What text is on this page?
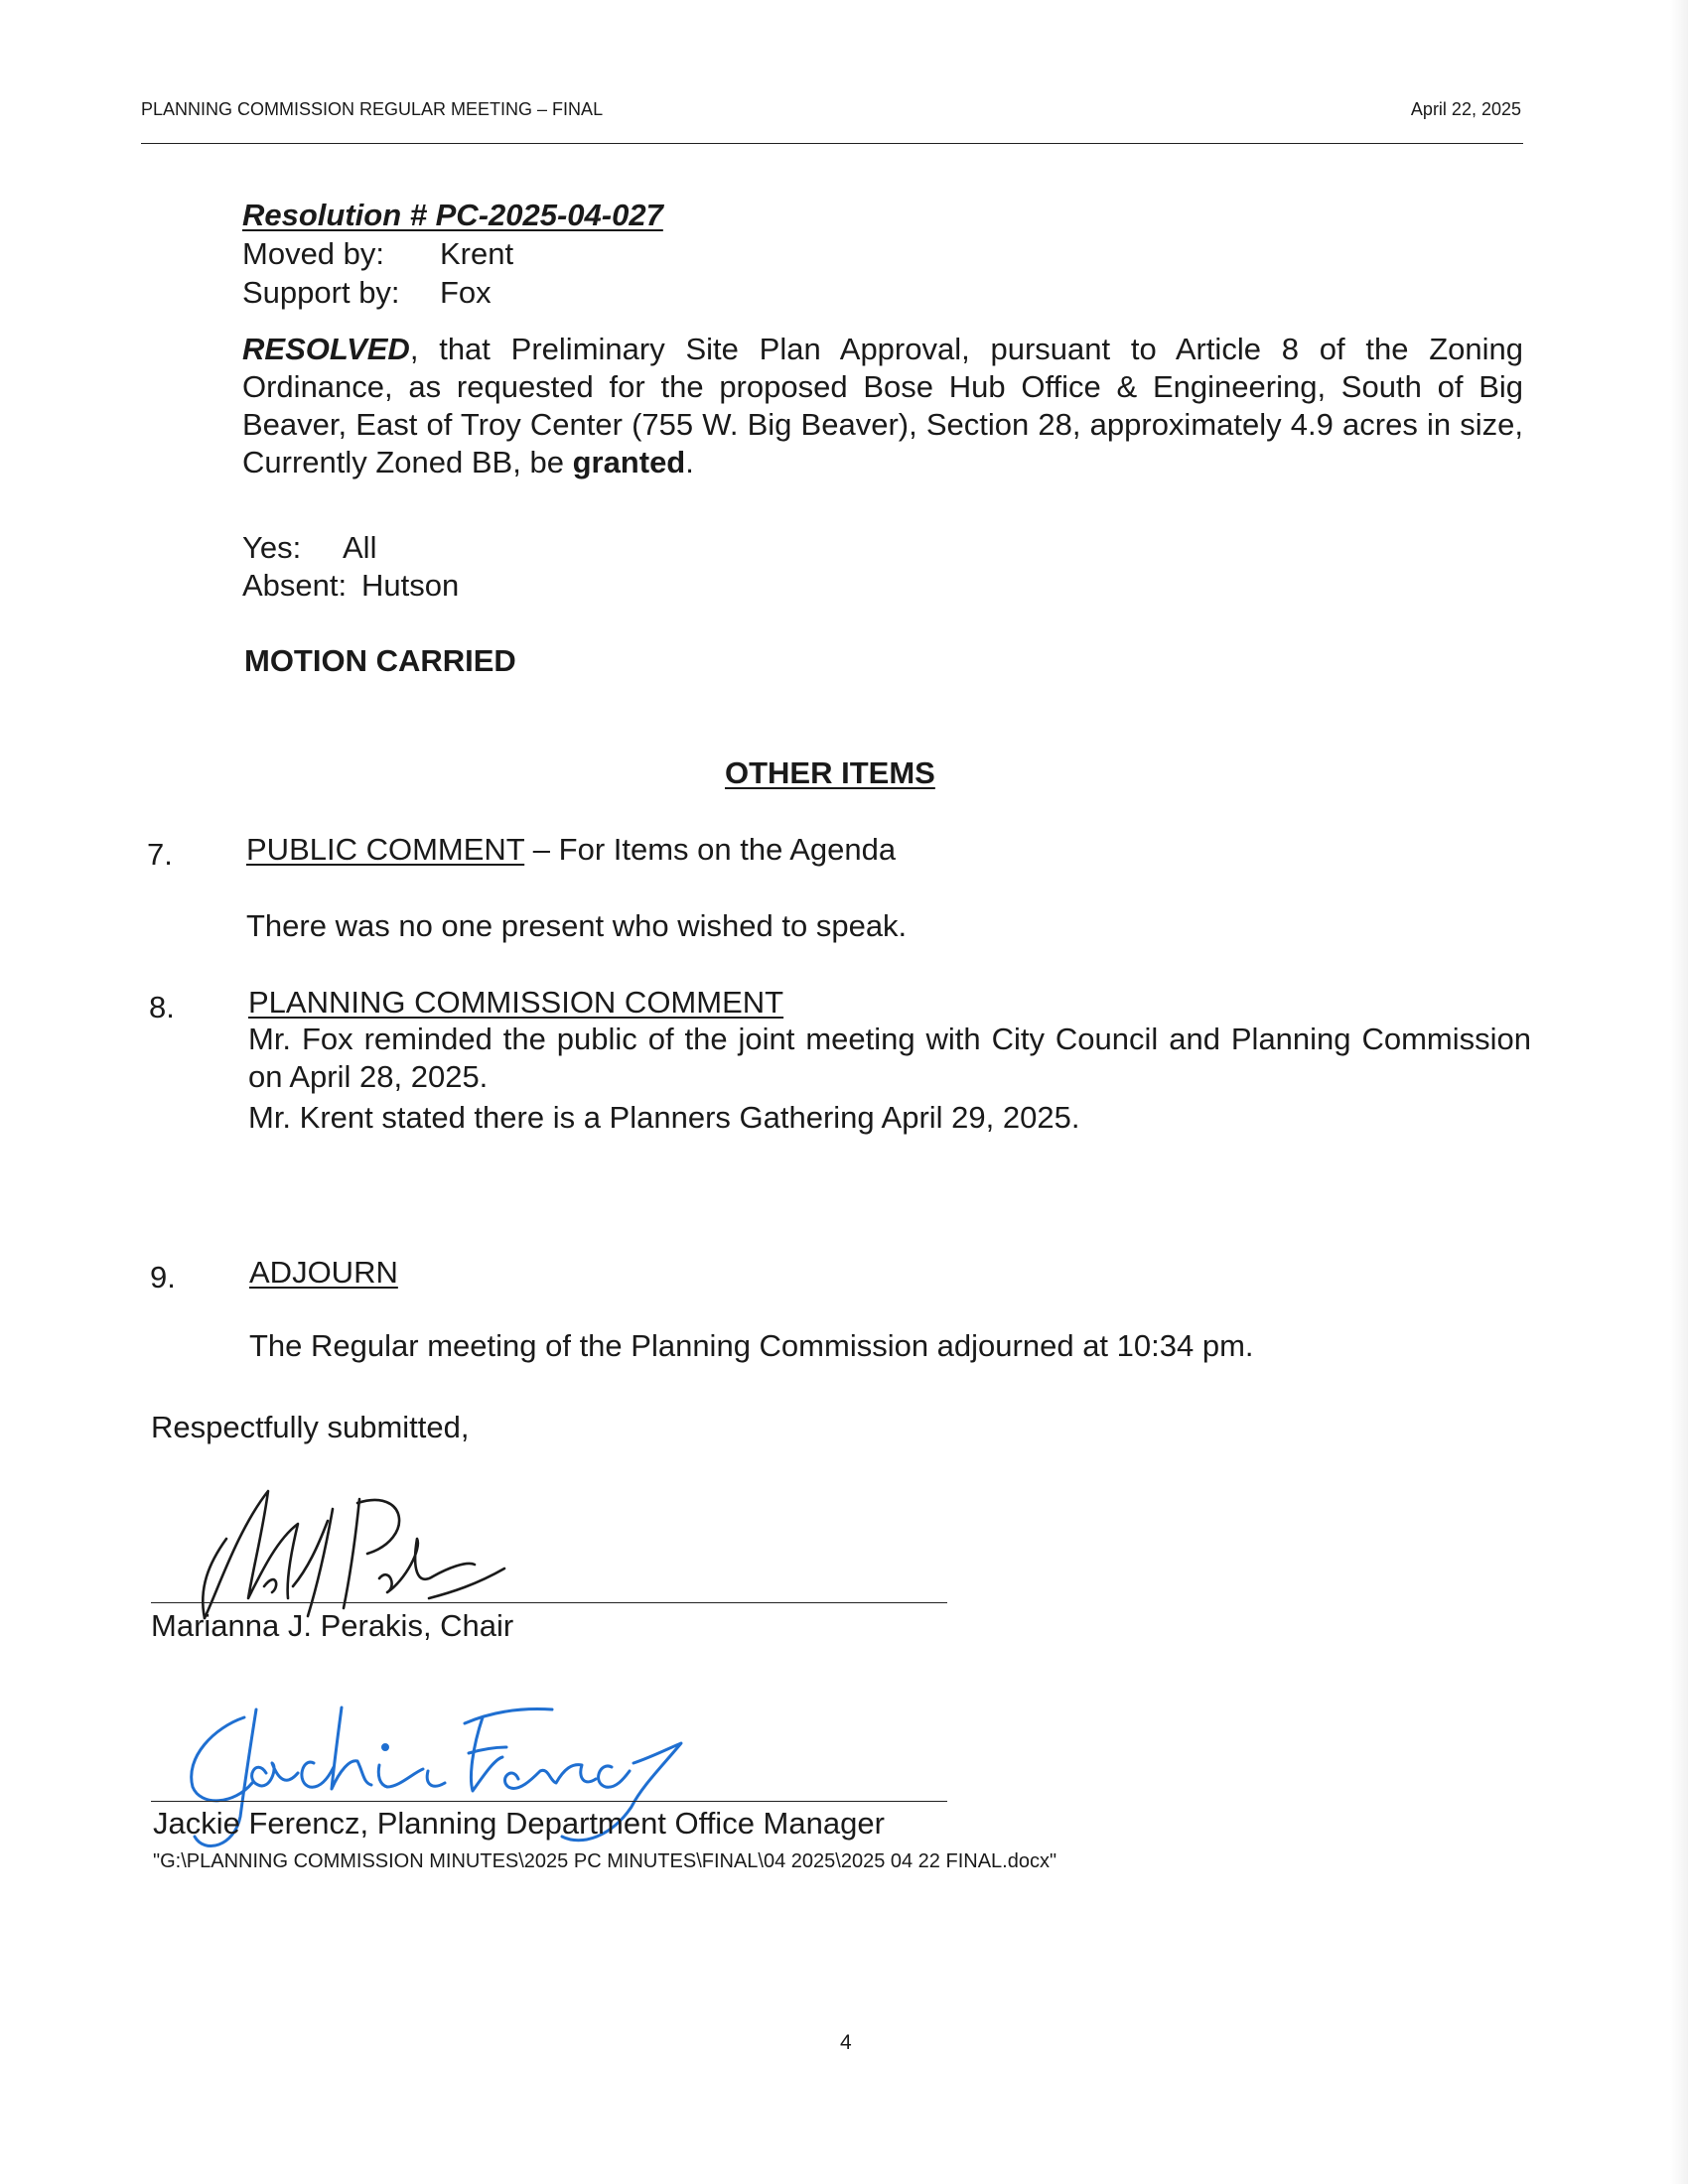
PLANNING COMMISSION REGULAR MEETING – FINAL	April 22, 2025
Resolution # PC-2025-04-027
Moved by: Krent
Support by: Fox
RESOLVED, that Preliminary Site Plan Approval, pursuant to Article 8 of the Zoning Ordinance, as requested for the proposed Bose Hub Office & Engineering, South of Big Beaver, East of Troy Center (755 W. Big Beaver), Section 28, approximately 4.9 acres in size, Currently Zoned BB, be granted.
Yes: All
Absent: Hutson
MOTION CARRIED
OTHER ITEMS
7. PUBLIC COMMENT – For Items on the Agenda
There was no one present who wished to speak.
8. PLANNING COMMISSION COMMENT
Mr. Fox reminded the public of the joint meeting with City Council and Planning Commission on April 28, 2025.
Mr. Krent stated there is a Planners Gathering April 29, 2025.
9. ADJOURN
The Regular meeting of the Planning Commission adjourned at 10:34 pm.
Respectfully submitted,
Marianna J. Perakis, Chair
Jackie Ferencz, Planning Department Office Manager
"G:\PLANNING COMMISSION MINUTES\2025 PC MINUTES\FINAL\04 2025\2025 04 22 FINAL.docx"
4
